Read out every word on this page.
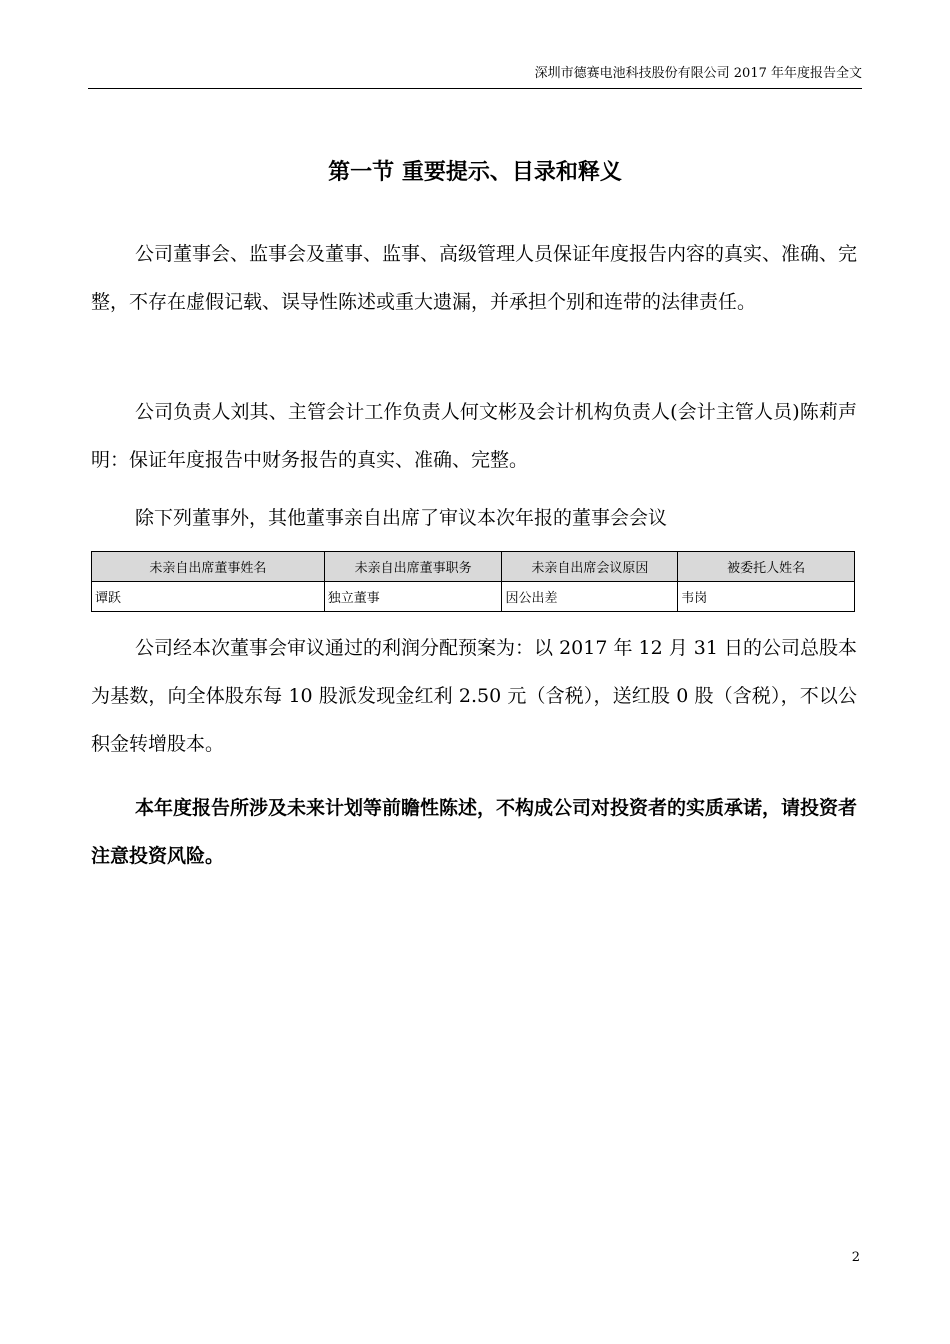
深圳市德赛电池科技股份有限公司 2017 年年度报告全文
第一节 重要提示、目录和释义

公司董事会、监事会及董事、监事、高级管理人员保证年度报告内容的真实、准确、完整，不存在虚假记载、误导性陈述或重大遗漏，并承担个别和连带的法律责任。

公司负责人刘其、主管会计工作负责人何文彬及会计机构负责人(会计主管人员)陈莉声明：保证年度报告中财务报告的真实、准确、完整。

除下列董事外，其他董事亲自出席了审议本次年报的董事会会议

未亲自出席董事姓名	未亲自出席董事职务	未亲自出席会议原因	被委托人姓名
谭跃	独立董事	因公出差	韦岗

公司经本次董事会审议通过的利润分配预案为：以 2017 年 12 月 31 日的公司总股本为基数，向全体股东每 10 股派发现金红利 2.50 元（含税），送红股 0 股（含税），不以公积金转增股本。

本年度报告所涉及未来计划等前瞻性陈述，不构成公司对投资者的实质承诺，请投资者注意投资风险。

2
